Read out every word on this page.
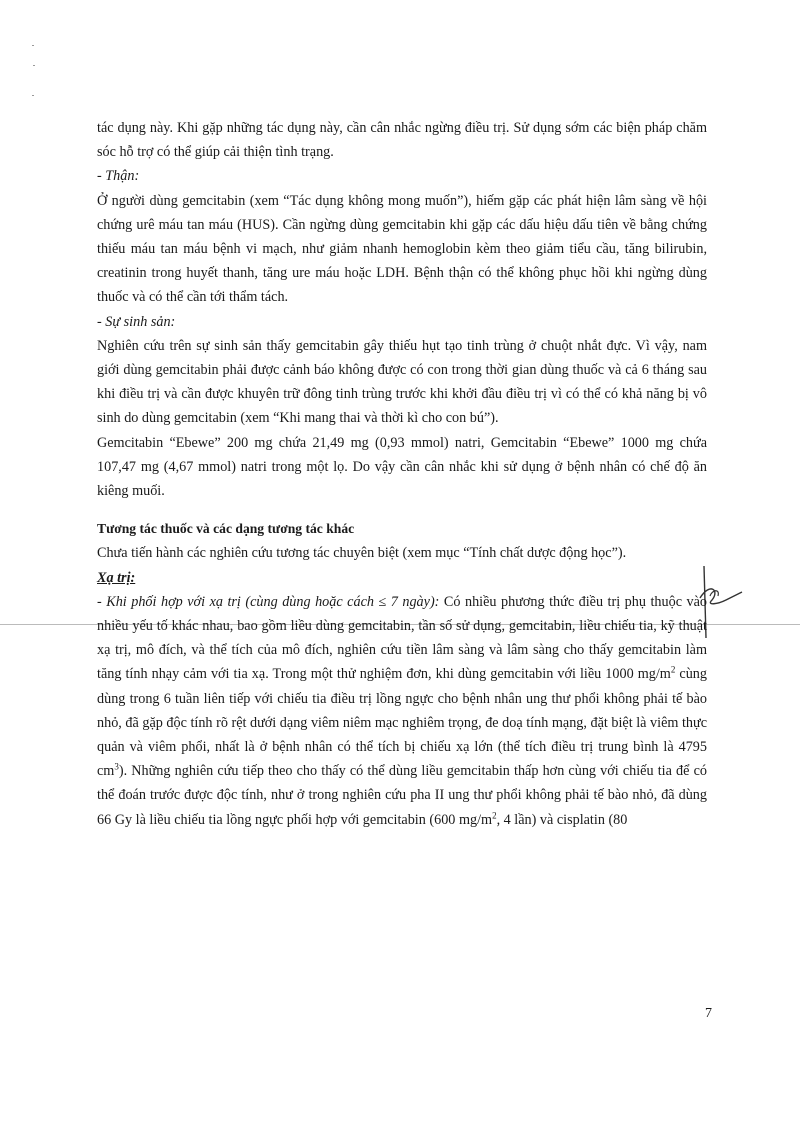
tác dụng này. Khi gặp những tác dụng này, cần cân nhắc ngừng điều trị. Sử dụng sớm các biện pháp chăm sóc hỗ trợ có thể giúp cải thiện tình trạng.

- Thận:

Ở người dùng gemcitabin (xem “Tác dụng không mong muốn”), hiếm gặp các phát hiện lâm sàng về hội chứng urê máu tan máu (HUS). Cần ngừng dùng gemcitabin khi gặp các dấu hiệu dấu tiên về bằng chứng thiếu máu tan máu bệnh vi mạch, như giảm nhanh hemoglobin kèm theo giảm tiểu cầu, tăng bilirubin, creatinin trong huyết thanh, tăng ure máu hoặc LDH. Bệnh thận có thể không phục hồi khi ngừng dùng thuốc và có thể cần tới thẩm tách.

- Sự sinh sản:

Nghiên cứu trên sự sinh sản thấy gemcitabin gây thiếu hụt tạo tinh trùng ở chuột nhắt đực. Vì vậy, nam giới dùng gemcitabin phải được cảnh báo không được có con trong thời gian dùng thuốc và cả 6 tháng sau khi điều trị và cần được khuyên trữ đông tinh trùng trước khi khởi đầu điều trị vì có thể có khả năng bị vô sinh do dùng gemcitabin (xem “Khi mang thai và thời kì cho con bú”).

Gemcitabin “Ebewe” 200 mg chứa 21,49 mg (0,93 mmol) natri, Gemcitabin “Ebewe” 1000 mg chứa 107,47 mg (4,67 mmol) natri trong một lọ. Do vậy cần cân nhắc khi sử dụng ở bệnh nhân có chế độ ăn kiêng muối.

Tương tác thuốc và các dạng tương tác khác

Chưa tiến hành các nghiên cứu tương tác chuyên biệt (xem mục “Tính chất dược động học”).

Xạ trị:

- Khi phối hợp với xạ trị (cùng dùng hoặc cách ≤ 7 ngày): Có nhiều phương thức điều trị phụ thuộc vào nhiều yếu tố khác nhau, bao gồm liều dùng gemcitabin, tần số sử dụng, gemcitabin, liều chiếu tia, kỹ thuật xạ trị, mô đích, và thể tích của mô đích, nghiên cứu tiền lâm sàng và lâm sàng cho thấy gemcitabin làm tăng tính nhạy cảm với tia xạ. Trong một thử nghiệm đơn, khi dùng gemcitabin với liều 1000 $mg/m^2$ cùng dùng trong 6 tuần liên tiếp với chiếu tia điều trị lồng ngực cho bệnh nhân ung thư phổi không phải tế bào nhỏ, đã gặp độc tính rõ rệt dưới dạng viêm niêm mạc nghiêm trọng, đe doạ tính mạng, đặt biệt là viêm thực quản và viêm phổi, nhất là ở bệnh nhân có thể tích bị chiếu xạ lớn (thể tích điều trị trung bình là 4795 $cm^3$). Những nghiên cứu tiếp theo cho thấy có thể dùng liều gemcitabin thấp hơn cùng với chiếu tia để có thể đoán trước được độc tính, như ở trong nghiên cứu pha II ung thư phổi không phải tế bào nhỏ, đã dùng 66 Gy là liều chiếu tia lồng ngực phối hợp với gemcitabin (600 $mg/m^2$, 4 lần) và cisplatin (80

7
